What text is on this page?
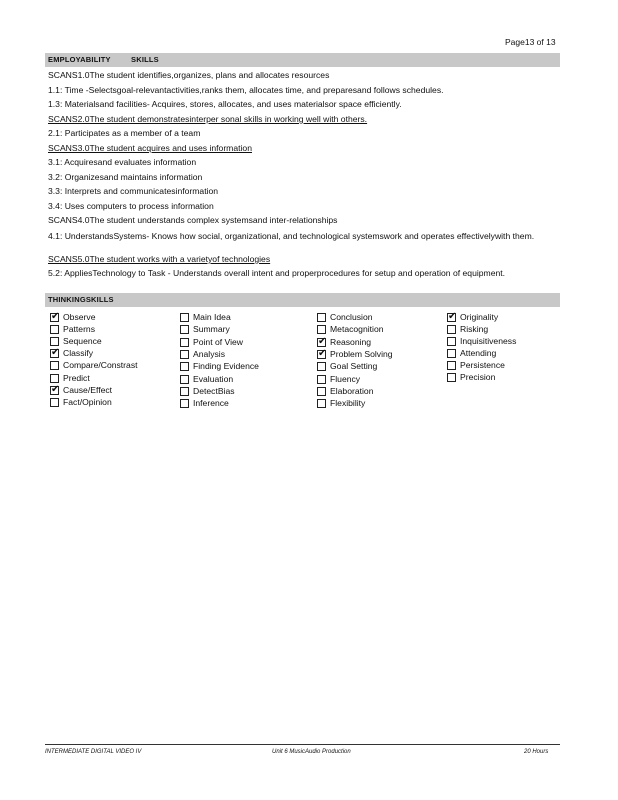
Page13 of 13
EMPLOYABILITY	SKILLS
SCANS1.0The student identifies,organizes, plans and allocates resources
1.1: Time -Selectsgoal-relevantactivities,ranks them, allocates time, and preparesand follows schedules.
1.3: Materialsand facilities- Acquires, stores, allocates, and uses materialsor space efficiently.
SCANS2.0The student demonstratesinterper sonal skills in working well with others.
2.1: Participates as a member of a team
SCANS3.0The student acquires and uses information
3.1: Acquiresand evaluates information
3.2: Organizesand maintains information
3.3: Interprets and communicatesinformation
3.4: Uses computers to process information
SCANS4.0The student understands complex systemsand inter-relationships
4.1: UnderstandsSystems- Knows how social, organizational, and technological systemswork and operates effectivelywith them.
SCANS5.0The student works with a varietyof technologies
5.2: AppliesTechnology to Task - Understands overall intent and properprocedures for setup and operation of equipment.
THINKINGSKILLS
✔ Observe
Patterns
Sequence
✔ Classify
Compare/Constrast
Predict
✔ Cause/Effect
Fact/Opinion
Main Idea
Summary
Point of View
Analysis
Finding Evidence
Evaluation
DetectBias
Inference
Conclusion
Metacognition
✔ Reasoning
✔ Problem Solving
Goal Setting
Fluency
Elaboration
Flexibility
✔ Originality
Risking
Inquisitiveness
Attending
Persistence
Precision
INTERMEDIATE DIGITAL VIDEO IV	Unit 6 MusicAudio Production	20 Hours
